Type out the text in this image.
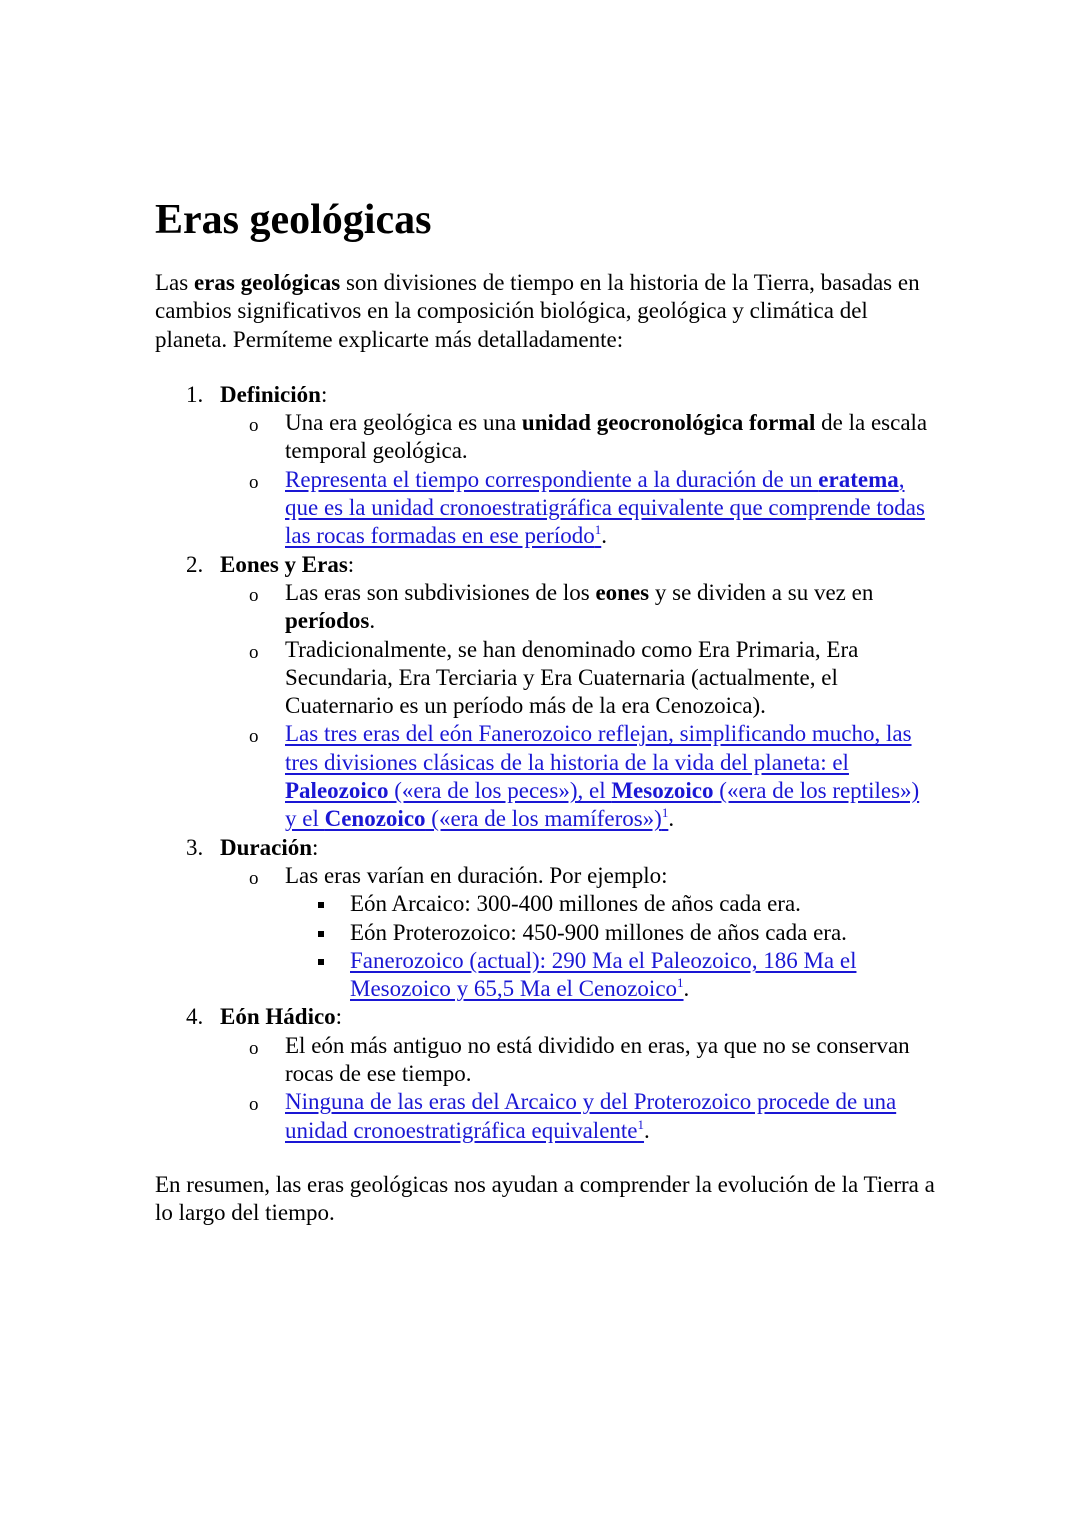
Eras geológicas

Las eras geológicas son divisiones de tiempo en la historia de la Tierra, basadas en cambios significativos en la composición biológica, geológica y climática del planeta. Permíteme explicarte más detalladamente:

1. Definición:
o Una era geológica es una unidad geocronológica formal de la escala temporal geológica.
o Representa el tiempo correspondiente a la duración de un eratema, que es la unidad cronoestratigráfica equivalente que comprende todas las rocas formadas en ese período$^1$.
2. Eones y Eras:
o Las eras son subdivisiones de los eones y se dividen a su vez en períodos.
o Tradicionalmente, se han denominado como Era Primaria, Era Secundaria, Era Terciaria y Era Cuaternaria (actualmente, el Cuaternario es un período más de la era Cenozoica).
o Las tres eras del eón Fanerozoico reflejan, simplificando mucho, las tres divisiones clásicas de la historia de la vida del planeta: el Paleozoico («era de los peces»), el Mesozoico («era de los reptiles») y el Cenozoico («era de los mamíferos»)$^1$.
3. Duración:
o Las eras varían en duración. Por ejemplo:
Eón Arcaico: 300-400 millones de años cada era.
Eón Proterozoico: 450-900 millones de años cada era.
Fanerozoico (actual): 290 Ma el Paleozoico, 186 Ma el Mesozoico y 65,5 Ma el Cenozoico$^1$.
4. Eón Hádico:
o El eón más antiguo no está dividido en eras, ya que no se conservan rocas de ese tiempo.
o Ninguna de las eras del Arcaico y del Proterozoico procede de una unidad cronoestratigráfica equivalente$^1$.

En resumen, las eras geológicas nos ayudan a comprender la evolución de la Tierra a lo largo del tiempo.
